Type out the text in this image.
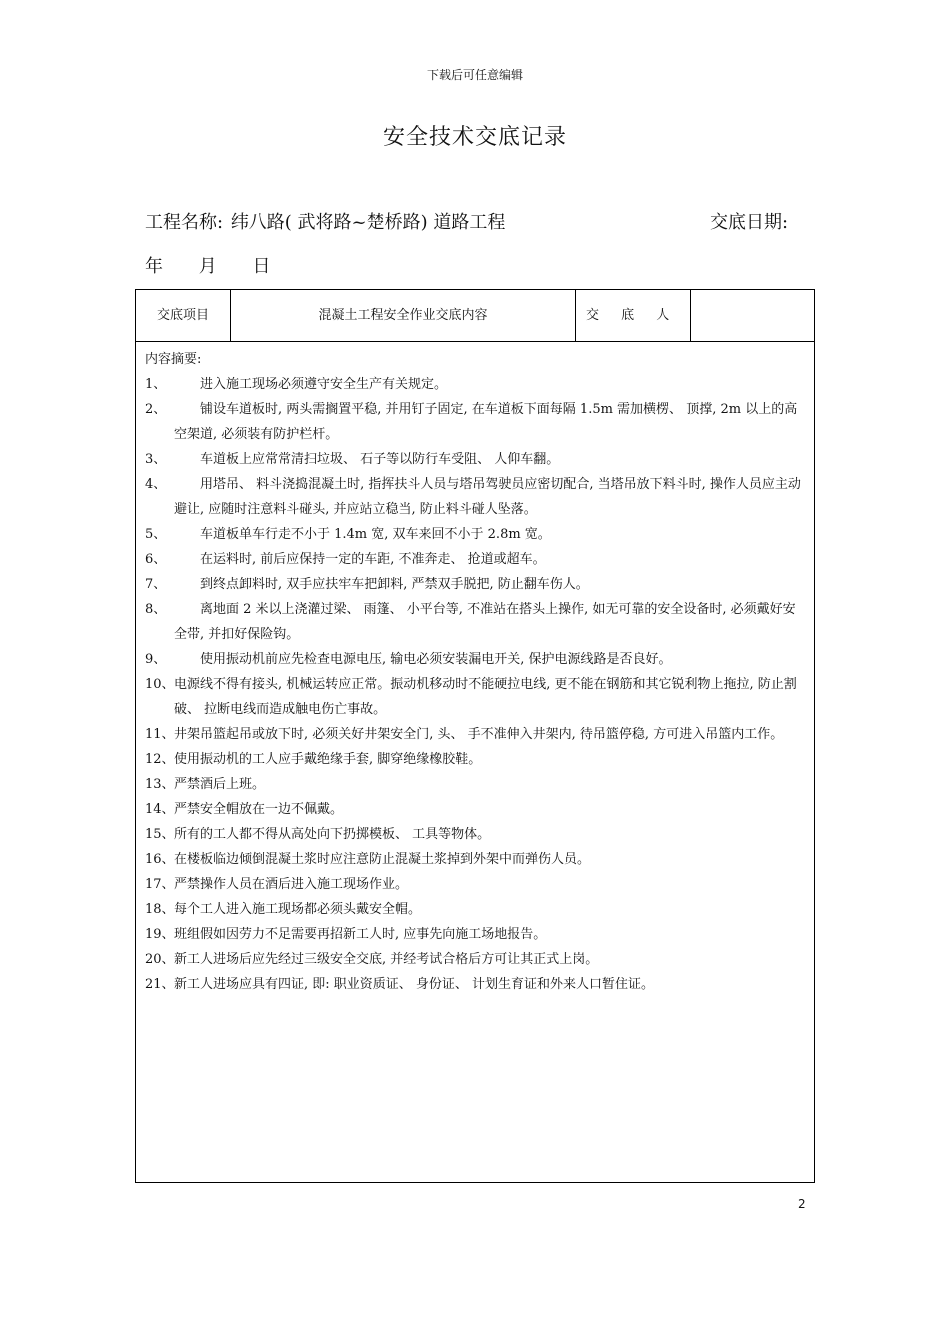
下载后可任意编辑
安全技术交底记录
工程名称: 纬八路( 武将路~楚桥路) 道路工程	交底日期:
年 月 日
交底项目	混凝土工程安全作业交底内容	交 底 人
内容摘要:
1、	进入施工现场必须遵守安全生产有关规定。
2、	铺设车道板时, 两头需搁置平稳, 并用钉子固定, 在车道板下面每隔 1.5m 需加横楞、 顶撑, 2m 以上的高空架道, 必须装有防护栏杆。
3、	车道板上应常常清扫垃圾、 石子等以防行车受阻、 人仰车翻。
4、	用塔吊、 料斗浇捣混凝土时, 指挥扶斗人员与塔吊驾驶员应密切配合, 当塔吊放下料斗时, 操作人员应主动避让, 应随时注意料斗碰头, 并应站立稳当, 防止料斗碰人坠落。
5、	车道板单车行走不小于 1.4m 宽, 双车来回不小于 2.8m 宽。
6、	在运料时, 前后应保持一定的车距, 不准奔走、 抢道或超车。
7、	到终点卸料时, 双手应扶牢车把卸料, 严禁双手脱把, 防止翻车伤人。
8、	离地面 2 米以上浇灌过梁、 雨篷、 小平台等, 不准站在搭头上操作, 如无可靠的安全设备时, 必须戴好安全带, 并扣好保险钩。
9、	使用振动机前应先检查电源电压, 输电必须安装漏电开关, 保护电源线路是否良好。
10、 电源线不得有接头, 机械运转应正常。振动机移动时不能硬拉电线, 更不能在钢筋和其它锐利物上拖拉, 防止割破、 拉断电线而造成触电伤亡事故。
11、 井架吊篮起吊或放下时, 必须关好井架安全门, 头、 手不准伸入井架内, 待吊篮停稳, 方可进入吊篮内工作。
12、 使用振动机的工人应手戴绝缘手套, 脚穿绝缘橡胶鞋。
13、 严禁酒后上班。
14、 严禁安全帽放在一边不佩戴。
15、 所有的工人都不得从高处向下扔掷模板、 工具等物体。
16、 在楼板临边倾倒混凝土浆时应注意防止混凝土浆掉到外架中而弹伤人员。
17、 严禁操作人员在酒后进入施工现场作业。
18、 每个工人进入施工现场都必须头戴安全帽。
19、 班组假如因劳力不足需要再招新工人时, 应事先向施工场地报告。
20、 新工人进场后应先经过三级安全交底, 并经考试合格后方可让其正式上岗。
21、 新工人进场应具有四证, 即: 职业资质证、 身份证、 计划生育证和外来人口暂住证。
2
